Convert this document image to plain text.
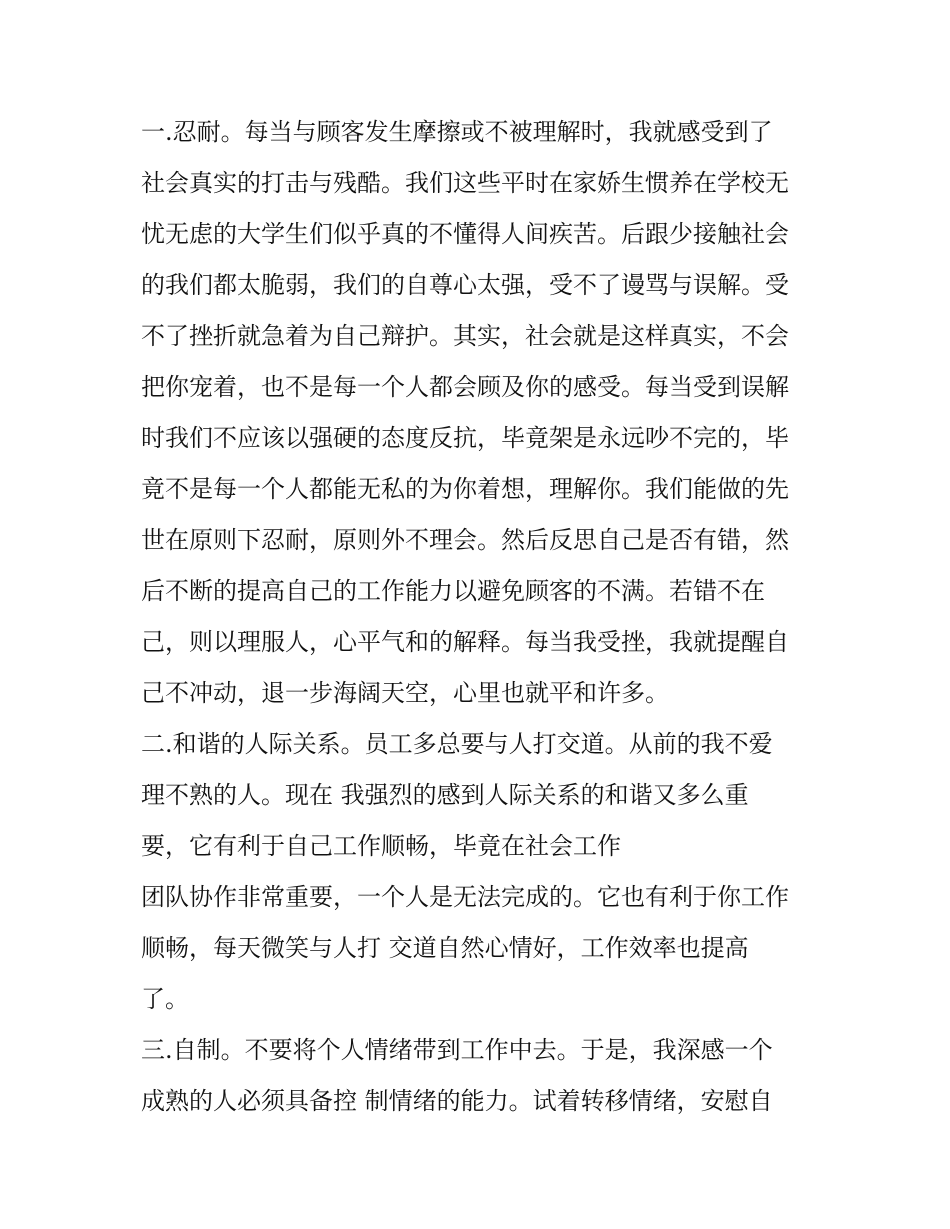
一.忍耐。每当与顾客发生摩擦或不被理解时，我就感受到了
社会真实的打击与残酷。我们这些平时在家娇生惯养在学校无
忧无虑的大学生们似乎真的不懂得人间疾苦。后跟少接触社会
的我们都太脆弱，我们的自尊心太强，受不了谩骂与误解。受
不了挫折就急着为自己辩护。其实，社会就是这样真实，不会
把你宠着，也不是每一个人都会顾及你的感受。每当受到误解
时我们不应该以强硬的态度反抗，毕竟架是永远吵不完的，毕
竟不是每一个人都能无私的为你着想，理解你。我们能做的先
世在原则下忍耐，原则外不理会。然后反思自己是否有错，然
后不断的提高自己的工作能力以避免顾客的不满。若错不在
己，则以理服人，心平气和的解释。每当我受挫，我就提醒自
己不冲动，退一步海阔天空，心里也就平和许多。
二.和谐的人际关系。员工多总要与人打交道。从前的我不爱
理不熟的人。现在 我强烈的感到人际关系的和谐又多么重
要，它有利于自己工作顺畅，毕竟在社会工作
团队协作非常重要，一个人是无法完成的。它也有利于你工作
顺畅，每天微笑与人打 交道自然心情好，工作效率也提高
了。
三.自制。不要将个人情绪带到工作中去。于是，我深感一个
成熟的人必须具备控 制情绪的能力。试着转移情绪，安慰自
